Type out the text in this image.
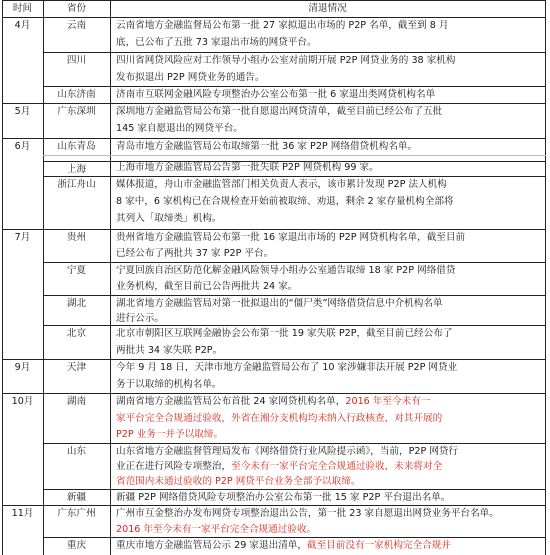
时间	省份	清退情况
4月
5月
6月
7月
9月
10月
11月
云南
四川
山东济南
广东深圳
山东青岛
上海
浙江舟山
贵州
宁夏
湖北
北京
天津
湖南
山东
新疆
广东广州
重庆
云南省地方金融监督局公布第一批 27 家拟退出市场的 P2P 名单，截至到 8 月
底，已公布了五批 73 家退出市场的网贷平台。
四川省网贷风险应对工作领导小组办公室对前期开展 P2P 网贷业务的 38 家机构
发布拟退出 P2P 网贷业务的通告。
济南市互联网金融风险专项整治办公室公布第一批 6 家退出类网贷机构名单
深圳地方金融监管局公布第一批自愿退出网贷清单，截至目前已经公布了五批
145 家自愿退出的网贷平台。
青岛市地方金融监管局公布取缔第一批 36 家 P2P 网络借贷机构名单。
上海市地方金融监管局公告第一批失联 P2P 网贷机构 99 家。
媒体报道，舟山市金融监管部门相关负责人表示，该市累计发现 P2P 法人机构
8 家中，6 家机构已在合规检查开始前被取缔、劝退，剩余 2 家存量机构全部将
其列入「取缔类」机构。
贵州省地方金融监管局公布第一批 16 家退出市场的 P2P 网贷机构名单，截至目前
已经公布了两批共 37 家 P2P 平台。
宁夏回族自治区防范化解金融风险领导小组办公室通告取缔 18 家 P2P 网络借贷
业务机构，截至目前已公告两批共 24 家。
湖北省地方金融监管局对第一批拟退出的“僵尸类”网络借贷信息中介机构名单
进行公示。
北京市朝阳区互联网金融协会公布第一批 19 家失联 P2P，截至目前已经公布了
两批共 34 家失联 P2P。
今年 9 月 18 日，天津市地方金融监管局公布了 10 家涉嫌非法开展 P2P 网贷业
务于以取缔的机构名单。
湖南省地方金融监管局公布首批 24 家网贷机构名单，2016 年至今未有一
家平台完全合规通过验收，外省在湘分支机构均未纳入行政核查，对其开展的
P2P 业务一并予以取缔。
山东省地方金融监督管理局发布《网络借贷行业风险提示函》，当前，P2P 网贷行
业正在进行风险专项整治，至今未有一家平台完全合规通过验收，未来将对全
省范围内未通过验收的 P2P 网贷平台业务全部予以取缔。
新疆 P2P 网络借贷风险专项整治办公室公布第一批 15 家 P2P 平台退出名单。
广州市互金整治办发布网贷专项整治退出公告，第一批 23 家自愿退出网贷业务平台名单。
2016 年至今未有一家平台完全合规通过验收。
重庆市地方金融监管局公示 29 家退出清单，截至目前没有一家机构完全合规并
